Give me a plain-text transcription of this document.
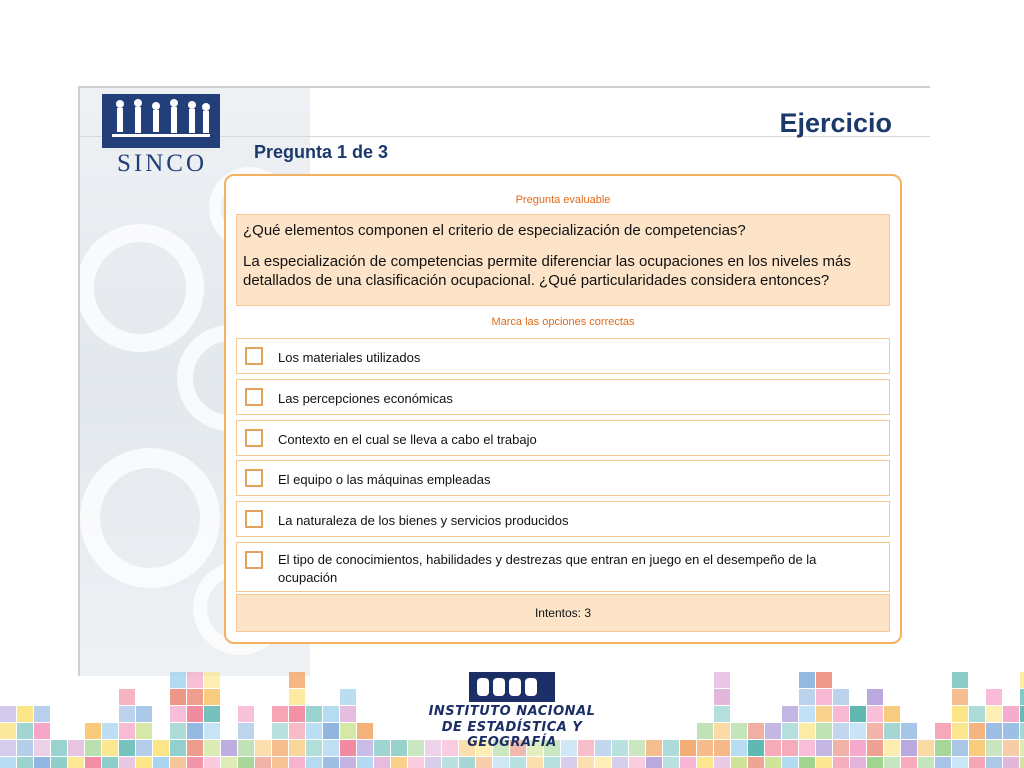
SINCO
Ejercicio
Pregunta 1 de 3
Pregunta evaluable

¿Qué elementos componen el criterio de especialización de competencias?

La especialización de competencias permite diferenciar las ocupaciones en los niveles más detallados de una clasificación ocupacional. ¿Qué particularidades considera entonces?

Marca las opciones correctas
Los materiales utilizados
Las percepciones económicas
Contexto en el cual se lleva a cabo el trabajo
El equipo o las máquinas empleadas
La naturaleza de los bienes y servicios producidos
El tipo de conocimientos, habilidades y destrezas que entran en juego en el desempeño de la ocupación
Intentos: 3
INSTITUTO NACIONAL
DE ESTADÍSTICA Y GEOGRAFÍA
